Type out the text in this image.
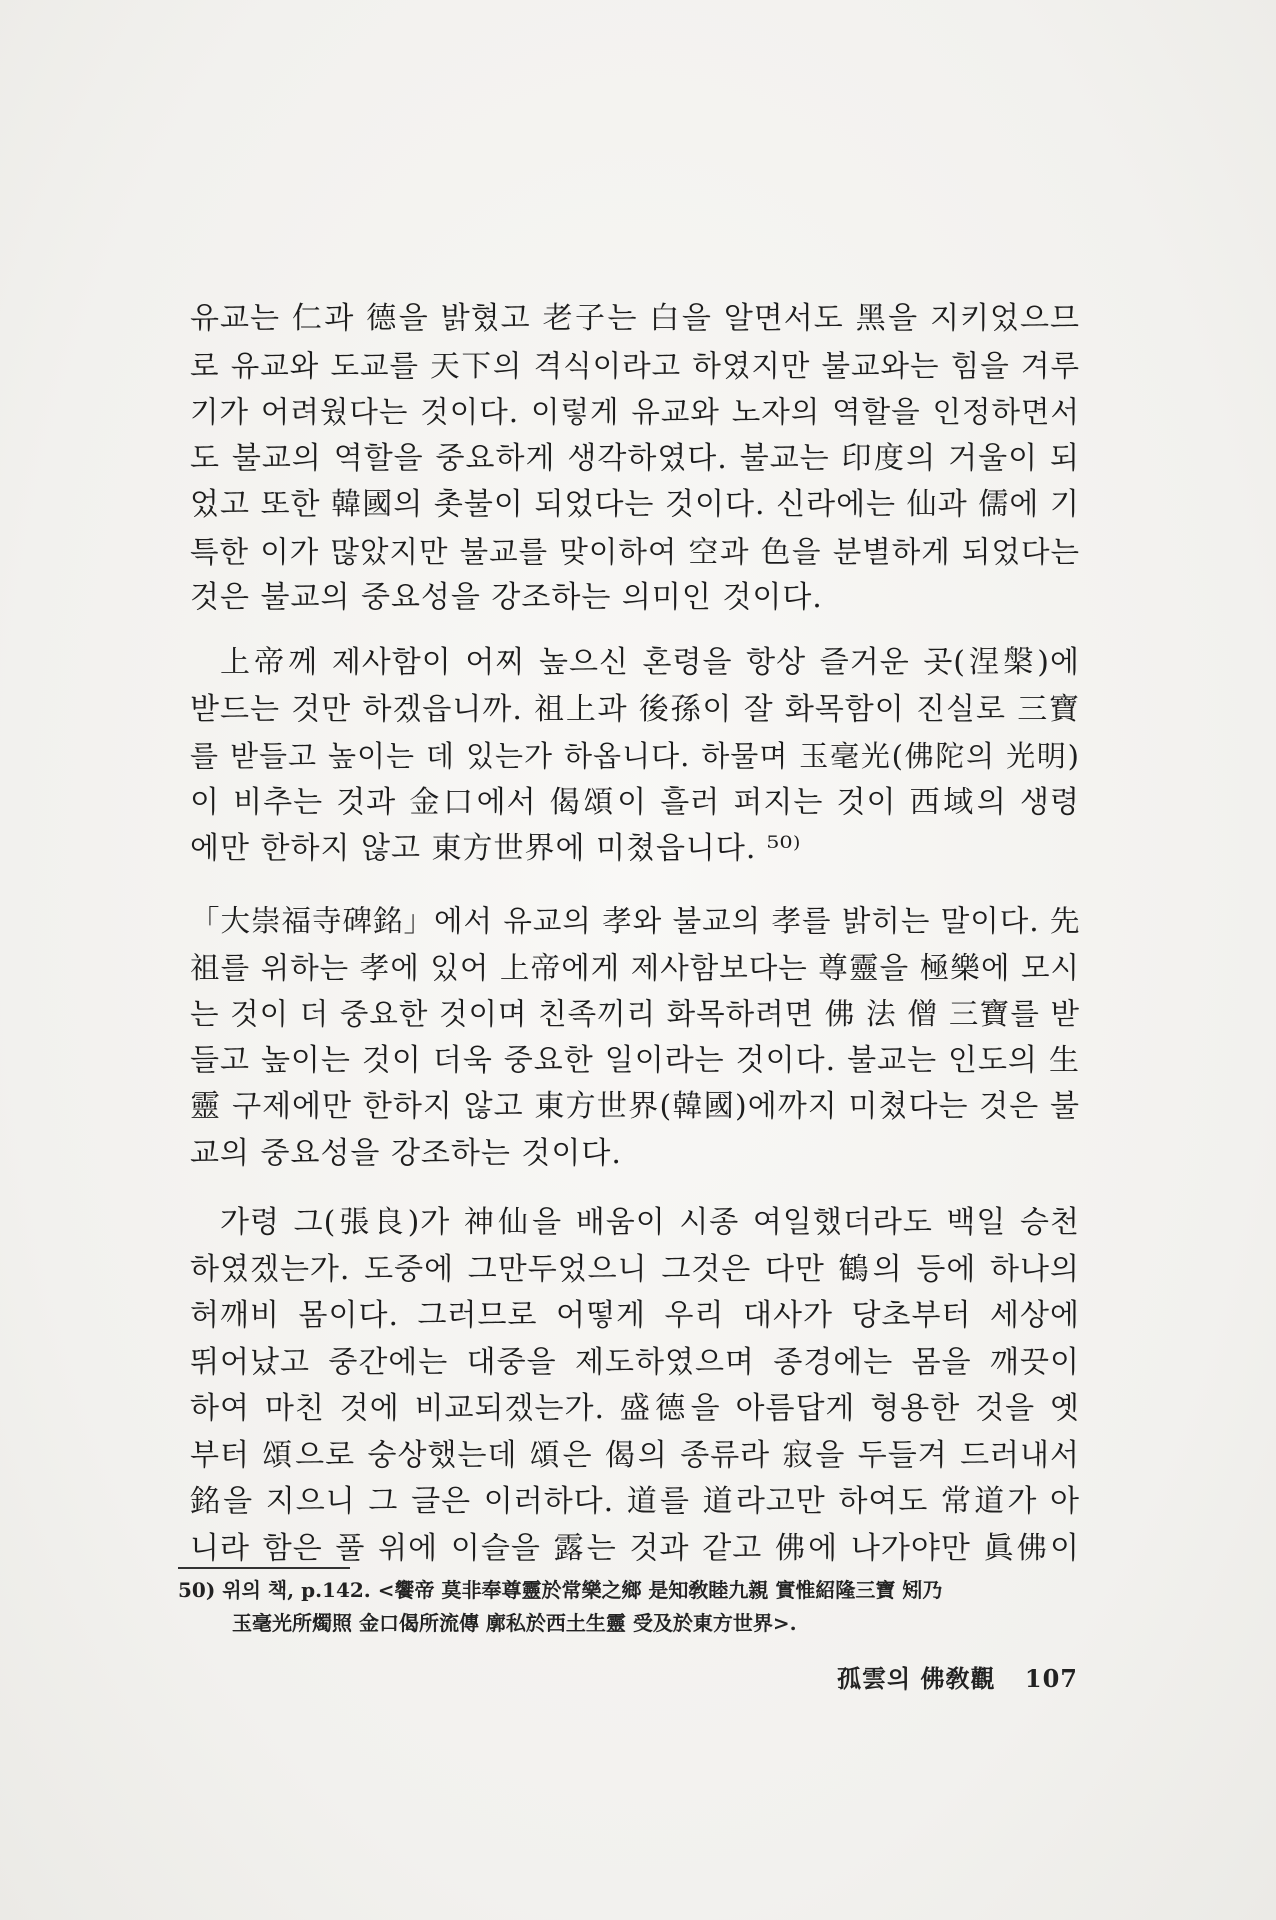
유교는 仁과 德을 밝혔고 老子는 白을 알면서도 黑을 지키었으므
로 유교와 도교를 天下의 격식이라고 하였지만 불교와는 힘을 겨루
기가 어려웠다는 것이다. 이렇게 유교와 노자의 역할을 인정하면서
도 불교의 역할을 중요하게 생각하였다. 불교는 印度의 거울이 되
었고 또한 韓國의 촛불이 되었다는 것이다. 신라에는 仙과 儒에 기
특한 이가 많았지만 불교를 맞이하여 空과 色을 분별하게 되었다는
것은 불교의 중요성을 강조하는 의미인 것이다.
上帝께 제사함이 어찌 높으신 혼령을 항상 즐거운 곳(涅槃)에
받드는 것만 하겠읍니까. 祖上과 後孫이 잘 화목함이 진실로 三寶
를 받들고 높이는 데 있는가 하옵니다. 하물며 玉毫光(佛陀의 光明)
이 비추는 것과 金口에서 偈頌이 흘러 퍼지는 것이 西域의 생령
에만 한하지 않고 東方世界에 미쳤읍니다. ⁵⁰⁾
「大崇福寺碑銘」에서 유교의 孝와 불교의 孝를 밝히는 말이다. 先
祖를 위하는 孝에 있어 上帝에게 제사함보다는 尊靈을 極樂에 모시
는 것이 더 중요한 것이며 친족끼리 화목하려면 佛 法 僧 三寶를 받
들고 높이는 것이 더욱 중요한 일이라는 것이다. 불교는 인도의 生
靈 구제에만 한하지 않고 東方世界(韓國)에까지 미쳤다는 것은 불
교의 중요성을 강조하는 것이다.
가령 그(張良)가 神仙을 배움이 시종 여일했더라도 백일 승천
하였겠는가. 도중에 그만두었으니 그것은 다만 鶴의 등에 하나의
허깨비 몸이다. 그러므로 어떻게 우리 대사가 당초부터 세상에
뛰어났고 중간에는 대중을 제도하였으며 종경에는 몸을 깨끗이
하여 마친 것에 비교되겠는가. 盛德을 아름답게 형용한 것을 옛
부터 頌으로 숭상했는데 頌은 偈의 종류라 寂을 두들겨 드러내서
銘을 지으니 그 글은 이러하다. 道를 道라고만 하여도 常道가 아
니라 함은 풀 위에 이슬을 露는 것과 같고 佛에 나가야만 眞佛이
50) 위의 책, p.142. <饗帝 莫非奉尊靈於常樂之鄉 是知敎睦九親 實惟紹隆三寶 矧乃
玉毫光所燭照 金口偈所流傳 廓私於西土生靈 受及於東方世界>.
孤雲의 佛敎觀 107
